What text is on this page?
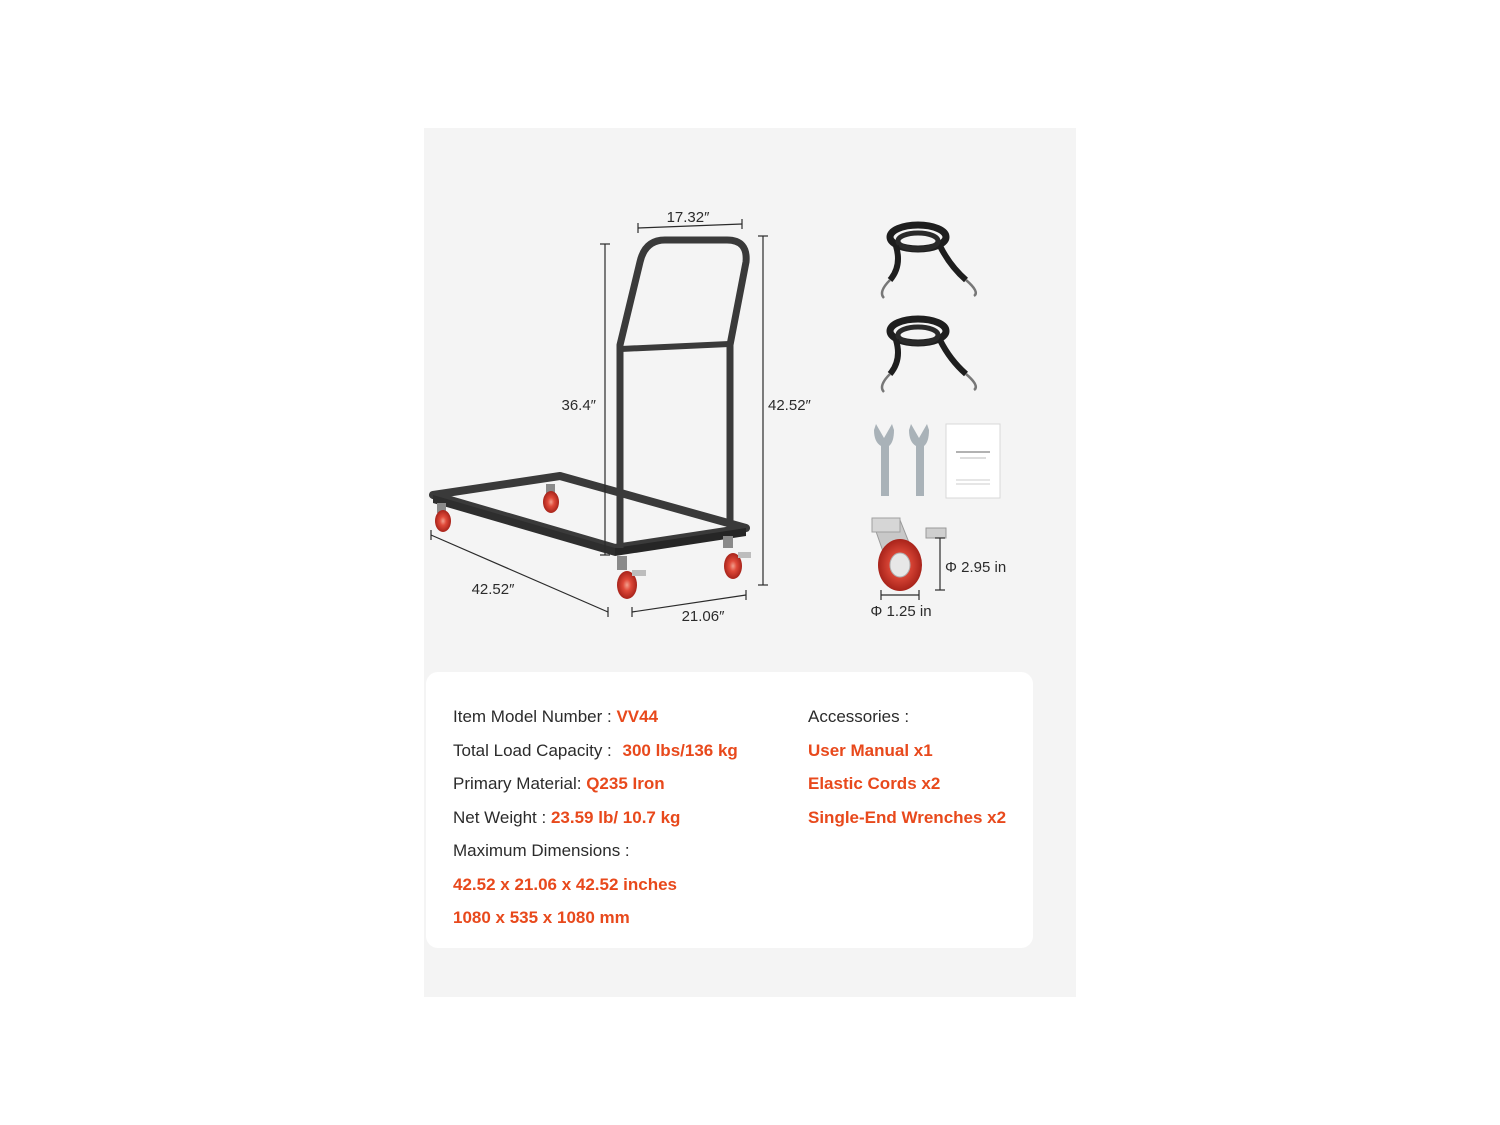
17.32″
36.4″	42.52″
42.52″
21.06″
Φ 2.95 in
Φ 1.25 in
Item Model Number : VV44
Total Load Capacity : 300 lbs/136 kg
Primary Material: Q235 Iron
Net Weight : 23.59 lb/ 10.7 kg
Maximum Dimensions :
42.52 x 21.06 x 42.52 inches
1080 x 535 x 1080 mm
Accessories :
User Manual x1
Elastic Cords x2
Single-End Wrenches x2
